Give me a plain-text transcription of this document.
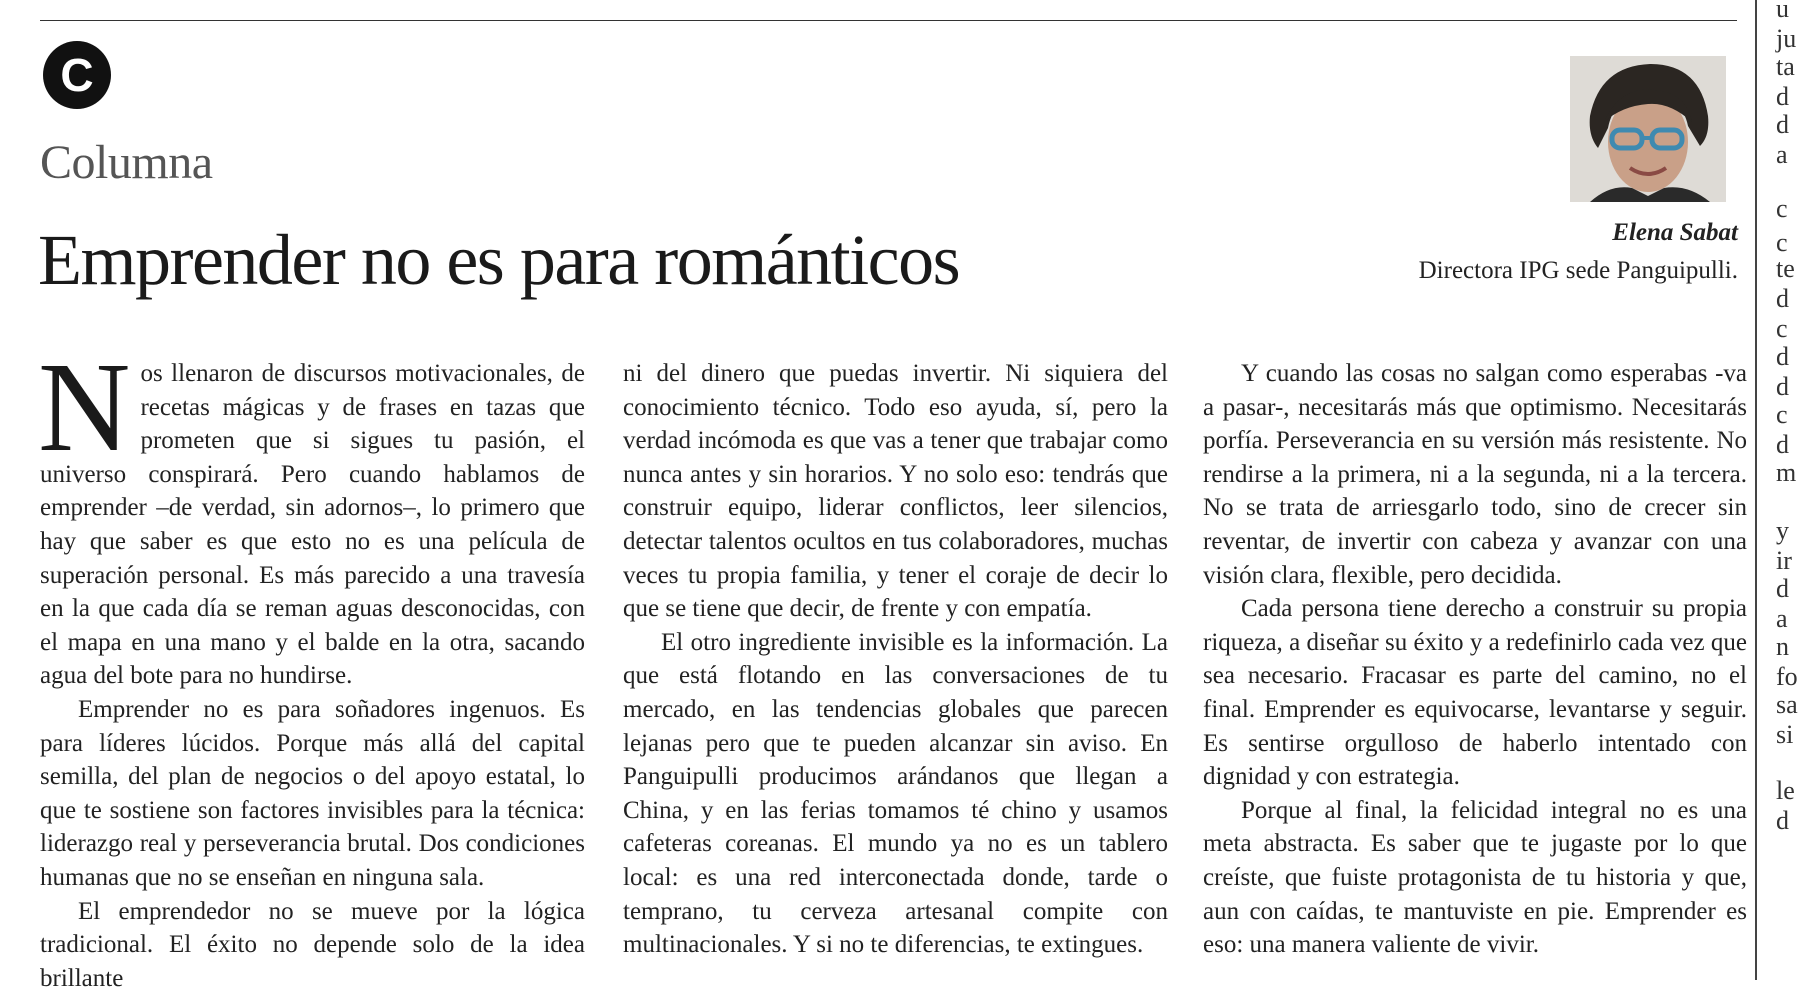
u
ju
ta
d
d
a
c
c
te
d
c
d
d
c
d
m
y
ir
d
a
n
fo
sa
si
le
d
C
Columna
Emprender no es para románticos	Elena Sabat
Directora IPG sede Panguipulli.

Nos llenaron de discursos motivacionales, de recetas mágicas y de frases en tazas que prometen que si sigues tu pasión, el universo conspirará. Pero cuando hablamos de emprender –de verdad, sin adornos–, lo primero que hay que saber es que esto no es una película de superación personal. Es más parecido a una travesía en la que cada día se reman aguas desconocidas, con el mapa en una mano y el balde en la otra, sacando agua del bote para no hundirse.

Emprender no es para soñadores ingenuos. Es para líderes lúcidos. Porque más allá del capital semilla, del plan de negocios o del apoyo estatal, lo que te sostiene son factores invisibles para la técnica: liderazgo real y perseverancia brutal. Dos condiciones humanas que no se enseñan en ninguna sala.

El emprendedor no se mueve por la lógica tradicional. El éxito no depende solo de la idea brillante

ni del dinero que puedas invertir. Ni siquiera del conocimiento técnico. Todo eso ayuda, sí, pero la verdad incómoda es que vas a tener que trabajar como nunca antes y sin horarios. Y no solo eso: tendrás que construir equipo, liderar conflictos, leer silencios, detectar talentos ocultos en tus colaboradores, muchas veces tu propia familia, y tener el coraje de decir lo que se tiene que decir, de frente y con empatía.

El otro ingrediente invisible es la información. La que está flotando en las conversaciones de tu mercado, en las tendencias globales que parecen lejanas pero que te pueden alcanzar sin aviso. En Panguipulli producimos arándanos que llegan a China, y en las ferias tomamos té chino y usamos cafeteras coreanas. El mundo ya no es un tablero local: es una red interconectada donde, tarde o temprano, tu cerveza artesanal compite con multinacionales. Y si no te diferencias, te extingues.

Y cuando las cosas no salgan como esperabas -va a pasar-, necesitarás más que optimismo. Necesitarás porfía. Perseverancia en su versión más resistente. No rendirse a la primera, ni a la segunda, ni a la tercera. No se trata de arriesgarlo todo, sino de crecer sin reventar, de invertir con cabeza y avanzar con una visión clara, flexible, pero decidida.

Cada persona tiene derecho a construir su propia riqueza, a diseñar su éxito y a redefinirlo cada vez que sea necesario. Fracasar es parte del camino, no el final. Emprender es equivocarse, levantarse y seguir. Es sentirse orgulloso de haberlo intentado con dignidad y con estrategia.

Porque al final, la felicidad integral no es una meta abstracta. Es saber que te jugaste por lo que creíste, que fuiste protagonista de tu historia y que, aun con caídas, te mantuviste en pie. Emprender es eso: una manera valiente de vivir.
